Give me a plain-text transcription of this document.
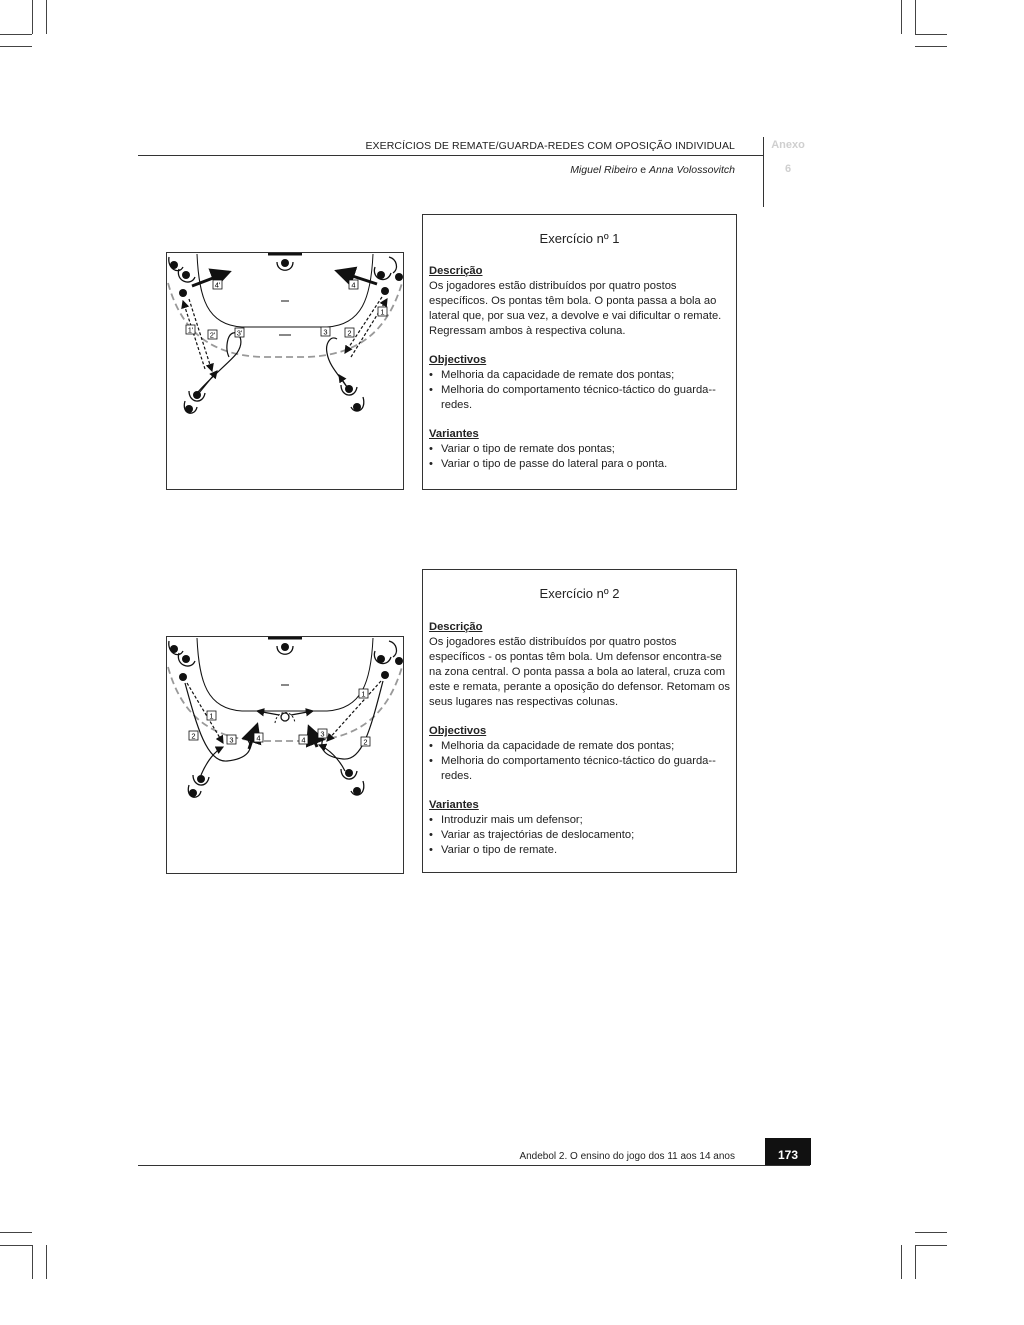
EXERCÍCIOS DE REMATE/GUARDA-REDES COM OPOSIÇÃO INDIVIDUAL
Miguel Ribeiro e Anna Volossovitch
Anexo
6
4'	4
1
1'
2'	3'	3	2
Exercício nº 1

Descrição

Os jogadores estão distribuídos por quatro postos específicos. Os pontas têm bola. O ponta passa a bola ao lateral que, por sua vez, a devolve e vai dificultar o remate. Regressam ambos à respectiva coluna.

Objectivos

• Melhoria da capacidade de remate dos pontas;
• Melhoria do comportamento técnico-táctico do guarda--redes.

Variantes

• Variar o tipo de remate dos pontas;
• Variar o tipo de passe do lateral para o ponta.
1
1
2	3	4	4
3
2
Exercício nº 2

Descrição

Os jogadores estão distribuídos por quatro postos específicos - os pontas têm bola. Um defensor encontra-se na zona central. O ponta passa a bola ao lateral, cruza com este e remata, perante a oposição do defensor. Retomam os seus lugares nas respectivas colunas.

Objectivos

• Melhoria da capacidade de remate dos pontas;
• Melhoria do comportamento técnico-táctico do guarda--redes.

Variantes

• Introduzir mais um defensor;
• Variar as trajectórias de deslocamento;
• Variar o tipo de remate.
Andebol 2. O ensino do jogo dos 11 aos 14 anos	173
